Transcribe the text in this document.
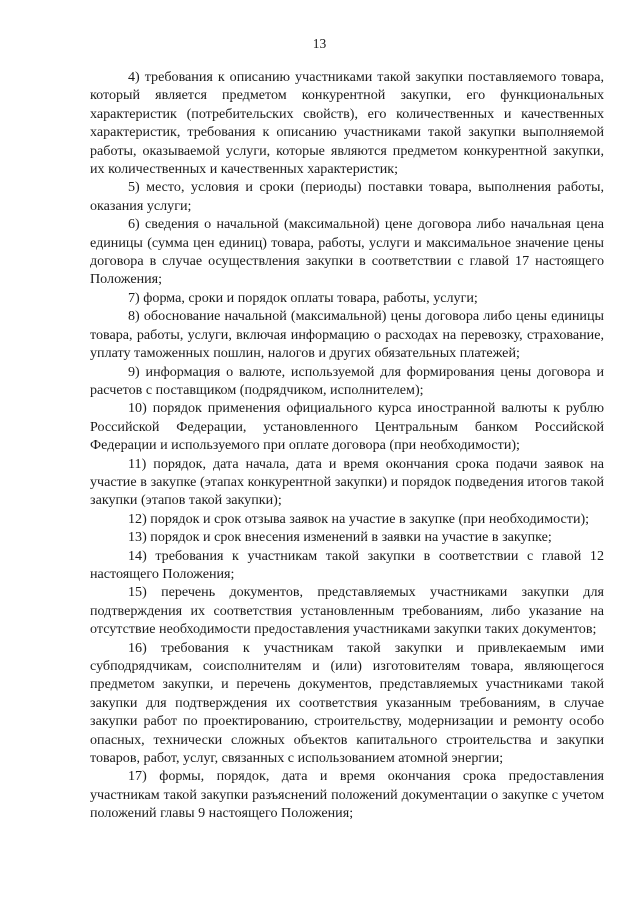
13

4) требования к описанию участниками такой закупки поставляемого товара, который является предметом конкурентной закупки, его функциональных характеристик (потребительских свойств), его количественных и качественных характеристик, требования к описанию участниками такой закупки выполняемой работы, оказываемой услуги, которые являются предметом конкурентной закупки, их количественных и качественных характеристик;

5) место, условия и сроки (периоды) поставки товара, выполнения работы, оказания услуги;

6) сведения о начальной (максимальной) цене договора либо начальная цена единицы (сумма цен единиц) товара, работы, услуги и максимальное значение цены договора в случае осуществления закупки в соответствии с главой 17 настоящего Положения;

7) форма, сроки и порядок оплаты товара, работы, услуги;

8) обоснование начальной (максимальной) цены договора либо цены единицы товара, работы, услуги, включая информацию о расходах на перевозку, страхование, уплату таможенных пошлин, налогов и других обязательных платежей;

9) информация о валюте, используемой для формирования цены договора и расчетов с поставщиком (подрядчиком, исполнителем);

10) порядок применения официального курса иностранной валюты к рублю Российской Федерации, установленного Центральным банком Российской Федерации и используемого при оплате договора (при необходимости);

11) порядок, дата начала, дата и время окончания срока подачи заявок на участие в закупке (этапах конкурентной закупки) и порядок подведения итогов такой закупки (этапов такой закупки);

12) порядок и срок отзыва заявок на участие в закупке (при необходимости);

13) порядок и срок внесения изменений в заявки на участие в закупке;

14) требования к участникам такой закупки в соответствии с главой 12 настоящего Положения;

15) перечень документов, представляемых участниками закупки для подтверждения их соответствия установленным требованиям, либо указание на отсутствие необходимости предоставления участниками закупки таких документов;

16) требования к участникам такой закупки и привлекаемым ими субподрядчикам, соисполнителям и (или) изготовителям товара, являющегося предметом закупки, и перечень документов, представляемых участниками такой закупки для подтверждения их соответствия указанным требованиям, в случае закупки работ по проектированию, строительству, модернизации и ремонту особо опасных, технически сложных объектов капитального строительства и закупки товаров, работ, услуг, связанных с использованием атомной энергии;

17) формы, порядок, дата и время окончания срока предоставления участникам такой закупки разъяснений положений документации о закупке с учетом положений главы 9 настоящего Положения;
